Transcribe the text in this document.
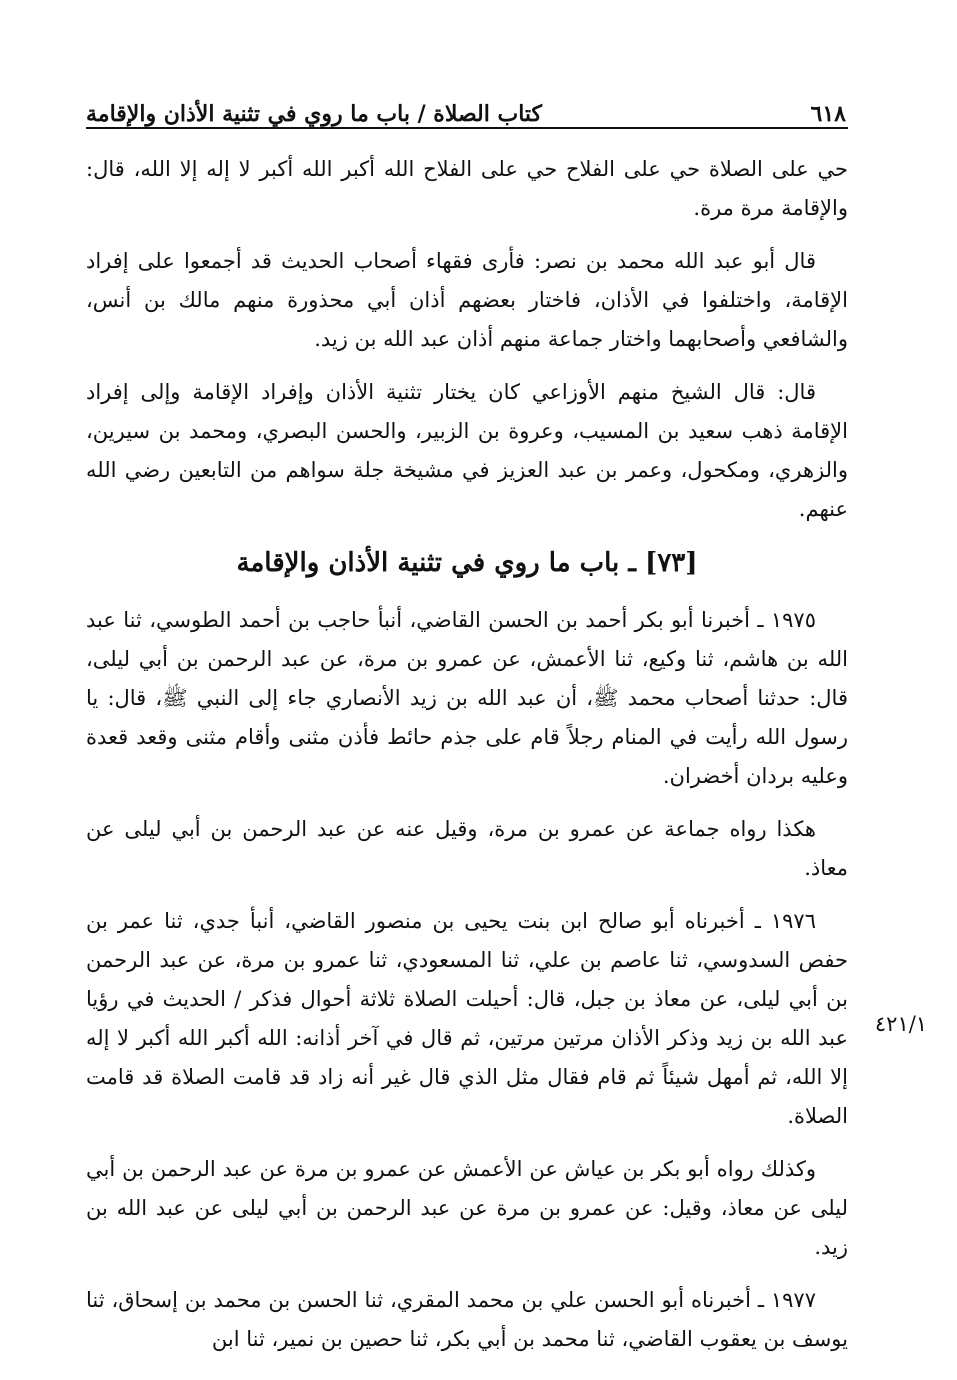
٦١٨
كتاب الصلاة / باب ما روي في تثنية الأذان والإقامة

حي على الصلاة حي على الفلاح حي على الفلاح الله أكبر الله أكبر لا إله إلا الله، قال: والإقامة مرة مرة.

قال أبو عبد الله محمد بن نصر: فأرى فقهاء أصحاب الحديث قد أجمعوا على إفراد الإقامة، واختلفوا في الأذان، فاختار بعضهم أذان أبي محذورة منهم مالك بن أنس، والشافعي وأصحابهما واختار جماعة منهم أذان عبد الله بن زيد.

قال: قال الشيخ منهم الأوزاعي كان يختار تثنية الأذان وإفراد الإقامة وإلى إفراد الإقامة ذهب سعيد بن المسيب، وعروة بن الزبير، والحسن البصري، ومحمد بن سيرين، والزهري، ومكحول، وعمر بن عبد العزيز في مشيخة جلة سواهم من التابعين رضي الله عنهم.

[٧٣] ـ باب ما روي في تثنية الأذان والإقامة

١٩٧٥ ـ أخبرنا أبو بكر أحمد بن الحسن القاضي، أنبأ حاجب بن أحمد الطوسي، ثنا عبد الله بن هاشم، ثنا وكيع، ثنا الأعمش، عن عمرو بن مرة، عن عبد الرحمن بن أبي ليلى، قال: حدثنا أصحاب محمد ﷺ، أن عبد الله بن زيد الأنصاري جاء إلى النبي ﷺ، قال: يا رسول الله رأيت في المنام رجلاً قام على جذم حائط فأذن مثنى وأقام مثنى وقعد قعدة وعليه بردان أخضران.

هكذا رواه جماعة عن عمرو بن مرة، وقيل عنه عن عبد الرحمن بن أبي ليلى عن معاذ.

١٩٧٦ ـ أخبرناه أبو صالح ابن بنت يحيى بن منصور القاضي، أنبأ جدي، ثنا عمر بن حفص السدوسي، ثنا عاصم بن علي، ثنا المسعودي، ثنا عمرو بن مرة، عن عبد الرحمن بن أبي ليلى، عن معاذ بن جبل، قال: أحيلت الصلاة ثلاثة أحوال فذكر / الحديث في رؤيا عبد الله بن زيد وذكر الأذان مرتين مرتين، ثم قال في آخر أذانه: الله أكبر الله أكبر لا إله إلا الله، ثم أمهل شيئاً ثم قام فقال مثل الذي قال غير أنه زاد قد قامت الصلاة قد قامت الصلاة.

وكذلك رواه أبو بكر بن عياش عن الأعمش عن عمرو بن مرة عن عبد الرحمن بن أبي ليلى عن معاذ، وقيل: عن عمرو بن مرة عن عبد الرحمن بن أبي ليلى عن عبد الله بن زيد.

١٩٧٧ ـ أخبرناه أبو الحسن علي بن محمد المقري، ثنا الحسن بن محمد بن إسحاق، ثنا يوسف بن يعقوب القاضي، ثنا محمد بن أبي بكر، ثنا حصين بن نمير، ثنا ابن

٤٢١/١
